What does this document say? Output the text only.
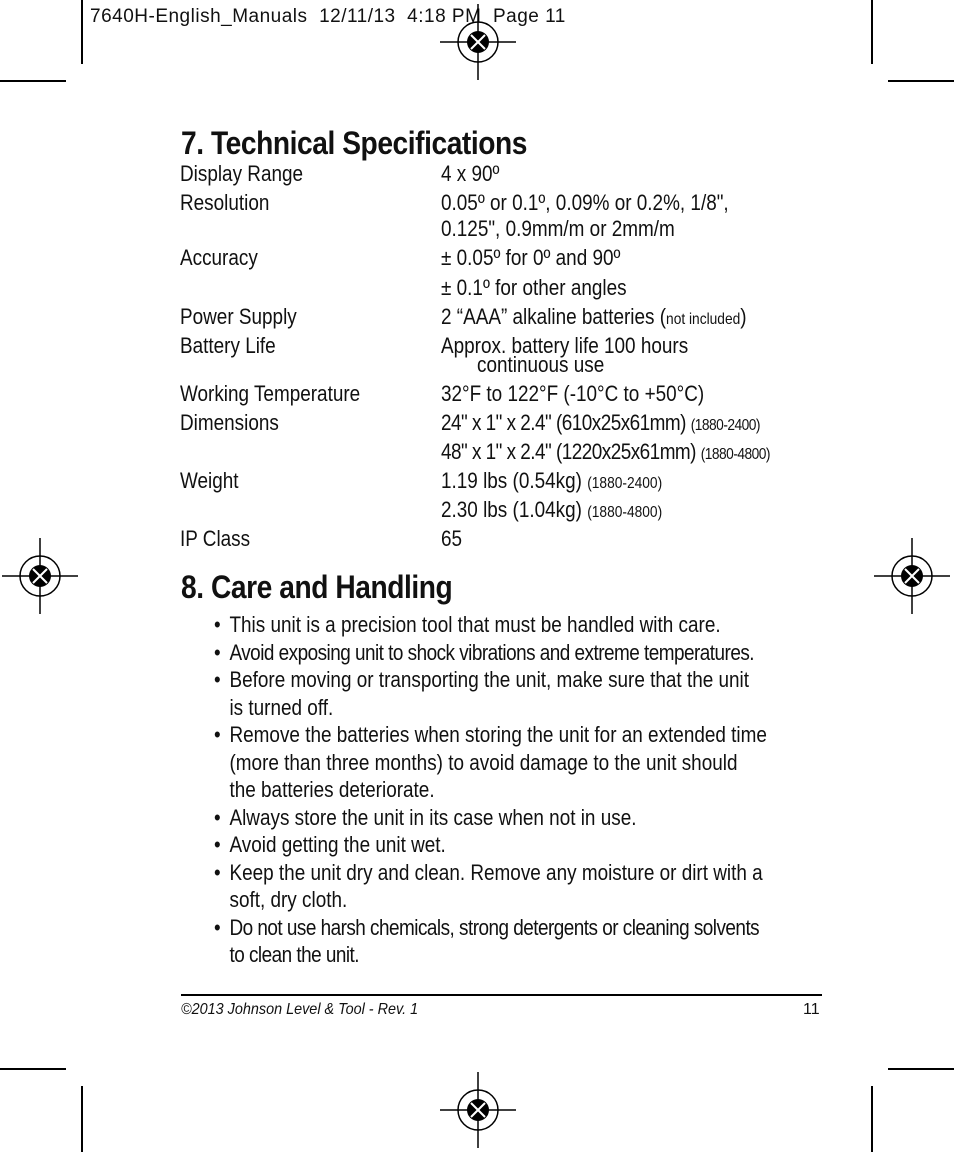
7640H-English_Manuals  12/11/13  4:18 PM  Page 11
7. Technical Specifications
Display Range	4 x 90º
Resolution	0.05º or 0.1º, 0.09% or 0.2%, 1/8",
0.125", 0.9mm/m or 2mm/m
Accuracy	± 0.05º for 0º and 90º
± 0.1º for other angles
Power Supply	2 “AAA” alkaline batteries (not included)
Battery Life	Approx. battery life 100 hours
continuous use
Working Temperature	32°F to 122°F (-10°C to +50°C)
Dimensions	24" x 1" x 2.4" (610x25x61mm) (1880-2400)
48" x 1" x 2.4" (1220x25x61mm) (1880-4800)
Weight	1.19 lbs (0.54kg) (1880-2400)
2.30 lbs (1.04kg) (1880-4800)
IP Class	65
8. Care and Handling
• This unit is a precision tool that must be handled with care.
• Avoid exposing unit to shock vibrations and extreme temperatures.
• Before moving or transporting the unit, make sure that the unit
is turned off.
• Remove the batteries when storing the unit for an extended time
(more than three months) to avoid damage to the unit should
the batteries deteriorate.
• Always store the unit in its case when not in use.
• Avoid getting the unit wet.
• Keep the unit dry and clean. Remove any moisture or dirt with a
soft, dry cloth.
• Do not use harsh chemicals, strong detergents or cleaning solvents
to clean the unit.
©2013 Johnson Level & Tool - Rev. 1	11
